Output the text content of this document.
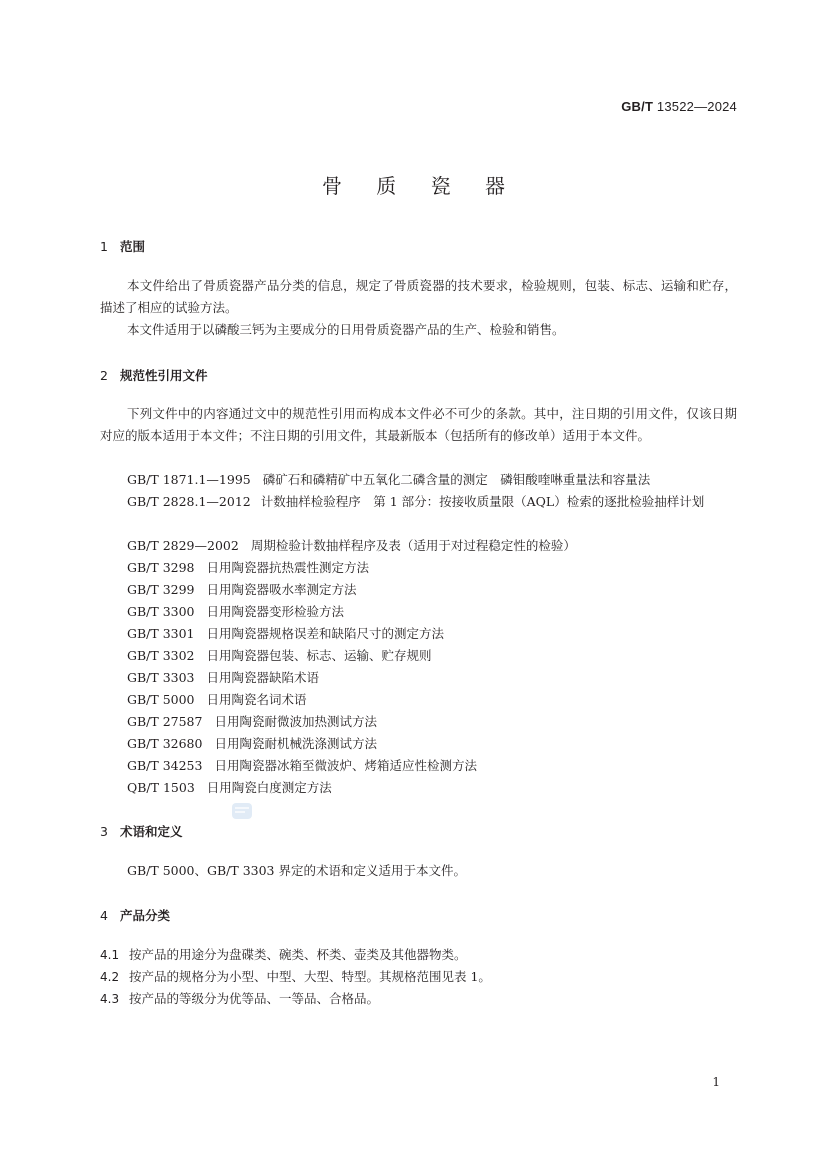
GB/T 13522—2024
骨 质 瓷 器
1 范围
本文件给出了骨质瓷器产品分类的信息，规定了骨质瓷器的技术要求，检验规则，包装、标志、运输和贮存，描述了相应的试验方法。
本文件适用于以磷酸三钙为主要成分的日用骨质瓷器产品的生产、检验和销售。
2 规范性引用文件
下列文件中的内容通过文中的规范性引用而构成本文件必不可少的条款。其中，注日期的引用文件，仅该日期对应的版本适用于本文件；不注日期的引用文件，其最新版本（包括所有的修改单）适用于本文件。
GB/T 1871.1—1995 磷矿石和磷精矿中五氧化二磷含量的测定　磷钼酸喹啉重量法和容量法
GB/T 2828.1—2012 计数抽样检验程序　第 1 部分：按接收质量限（AQL）检索的逐批检验抽样计划
GB/T 2829—2002 周期检验计数抽样程序及表（适用于对过程稳定性的检验）
GB/T 3298 日用陶瓷器抗热震性测定方法
GB/T 3299 日用陶瓷器吸水率测定方法
GB/T 3300 日用陶瓷器变形检验方法
GB/T 3301 日用陶瓷器规格误差和缺陷尺寸的测定方法
GB/T 3302 日用陶瓷器包装、标志、运输、贮存规则
GB/T 3303 日用陶瓷器缺陷术语
GB/T 5000 日用陶瓷名词术语
GB/T 27587 日用陶瓷耐微波加热测试方法
GB/T 32680 日用陶瓷耐机械洗涤测试方法
GB/T 34253 日用陶瓷器冰箱至微波炉、烤箱适应性检测方法
QB/T 1503 日用陶瓷白度测定方法
3 术语和定义
GB/T 5000、GB/T 3303 界定的术语和定义适用于本文件。
4 产品分类
4.1 按产品的用途分为盘碟类、碗类、杯类、壶类及其他器物类。
4.2 按产品的规格分为小型、中型、大型、特型。其规格范围见表 1。
4.3 按产品的等级分为优等品、一等品、合格品。
1
